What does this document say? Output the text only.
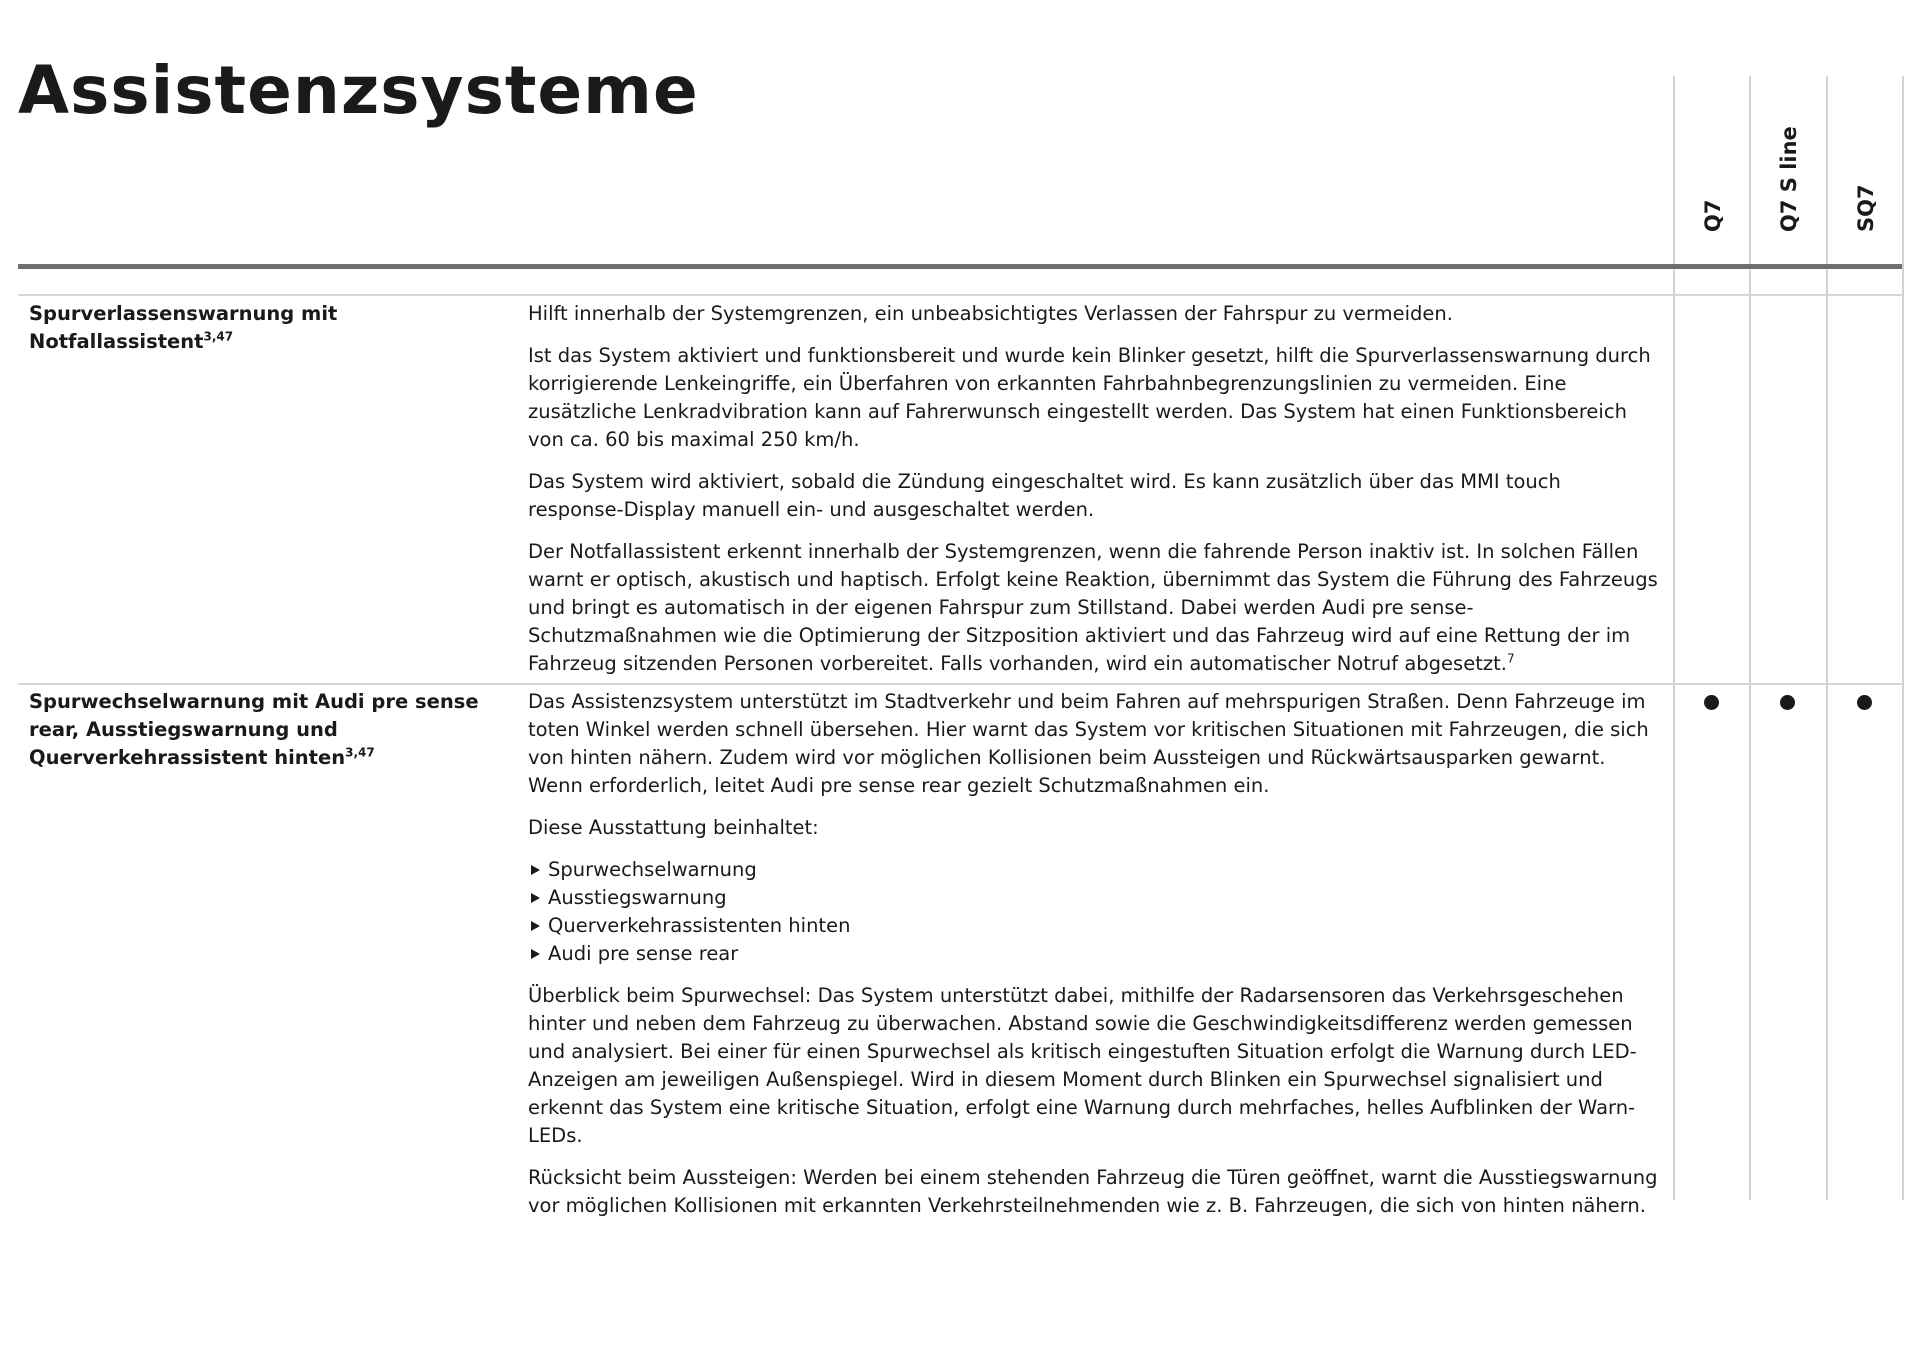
Assistenzsysteme
Q7 Q7 S line	SQ7
Spurverlassenswarnung mit Notfallassistent$^{3,47}$

Hilft innerhalb der Systemgrenzen, ein unbeabsichtigtes Verlassen der Fahrspur zu vermeiden.

Ist das System aktiviert und funktionsbereit und wurde kein Blinker gesetzt, hilft die Spurverlassenswarnung durch korrigierende Lenkeingriffe, ein Überfahren von erkannten Fahrbahnbegrenzungslinien zu vermeiden. Eine zusätzliche Lenkradvibration kann auf Fahrerwunsch eingestellt werden. Das System hat einen Funktionsbereich von ca. 60 bis maximal 250 km/h.

Das System wird aktiviert, sobald die Zündung eingeschaltet wird. Es kann zusätzlich über das MMI touch response-Display manuell ein- und ausgeschaltet werden.

Der Notfallassistent erkennt innerhalb der Systemgrenzen, wenn die fahrende Person inaktiv ist. In solchen Fällen warnt er optisch, akustisch und haptisch. Erfolgt keine Reaktion, übernimmt das System die Führung des Fahrzeugs und bringt es automatisch in der eigenen Fahrspur zum Stillstand. Dabei werden Audi pre sense-Schutzmaßnahmen wie die Optimierung der Sitzposition aktiviert und das Fahrzeug wird auf eine Rettung der im Fahrzeug sitzenden Personen vorbereitet. Falls vorhanden, wird ein automatischer Notruf abgesetzt.$^7$

Spurwechselwarnung mit Audi pre sense rear, Ausstiegswarnung und Querverkehrassistent hinten$^{3,47}$

Das Assistenzsystem unterstützt im Stadtverkehr und beim Fahren auf mehrspurigen Straßen. Denn Fahrzeuge im toten Winkel werden schnell übersehen. Hier warnt das System vor kritischen Situationen mit Fahrzeugen, die sich von hinten nähern. Zudem wird vor möglichen Kollisionen beim Aussteigen und Rückwärtsausparken gewarnt. Wenn erforderlich, leitet Audi pre sense rear gezielt Schutzmaßnahmen ein.

Diese Ausstattung beinhaltet:

Spurwechselwarnung
Ausstiegswarnung
Querverkehrassistenten hinten
Audi pre sense rear

Überblick beim Spurwechsel: Das System unterstützt dabei, mithilfe der Radarsensoren das Verkehrsgeschehen hinter und neben dem Fahrzeug zu überwachen. Abstand sowie die Geschwindigkeitsdifferenz werden gemessen und analysiert. Bei einer für einen Spurwechsel als kritisch eingestuften Situation erfolgt die Warnung durch LED-Anzeigen am jeweiligen Außenspiegel. Wird in diesem Moment durch Blinken ein Spurwechsel signalisiert und erkennt das System eine kritische Situation, erfolgt eine Warnung durch mehrfaches, helles Aufblinken der Warn-LEDs.

Rücksicht beim Aussteigen: Werden bei einem stehenden Fahrzeug die Türen geöffnet, warnt die Ausstiegswarnung vor möglichen Kollisionen mit erkannten Verkehrsteilnehmenden wie z. B. Fahrzeugen, die sich von hinten nähern.
